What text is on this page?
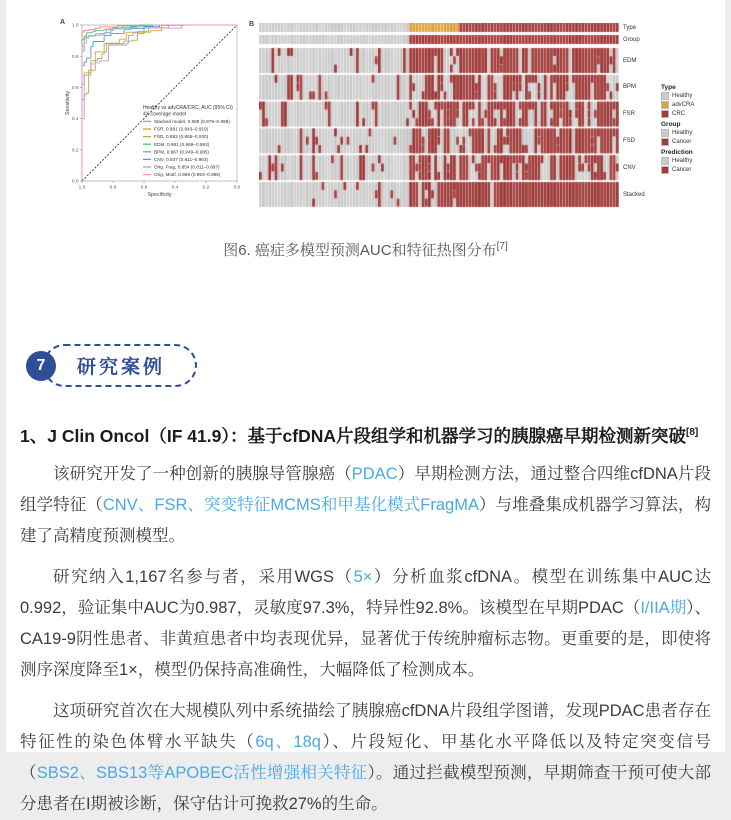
A
1.0	0.8	0.6	0.4	0.2	0.0
0.0
0.2
0.4
0.6
0.8
1.0
Specificity
Sensitivity	Healthy vs advCRA/CRC, AUC (95% CI)
4X coverage model
Stacked model, 0.988 (0.979–0.998)
FSR, 0.881 (0.843–0.919)
FSD, 0.882 (0.855–0.930)
EDM, 0.981 (0.969–0.993)
BPM, 0.967 (0.949–0.985)
CNV, 0.937 (0.911–0.963)
Orig. Frag, 0.854 (0.811–0.897)
Orig. Motif, 0.969 (0.953–0.985)
B	Type
Group
EDM
BPM
FSR
FSD
CNV
Stacked
Type
Healthy
advCRA
CRC
Group
Healthy
Cancer
Prediction
Healthy
Cancer
图6. 癌症多模型预测AUC和特征热图分布[7]
7	研究案例
1、J Clin Oncol（IF 41.9）：基于cfDNA片段组学和机器学习的胰腺癌早期检测新突破[8]

该研究开发了一种创新的胰腺导管腺癌（PDAC）早期检测方法，通过整合四维cfDNA片段组学特征（CNV、FSR、突变特征MCMS和甲基化模式FragMA）与堆叠集成机器学习算法，构建了高精度预测模型。

研究纳入1,167名参与者，采用WGS（5×）分析血浆cfDNA。模型在训练集中AUC达0.992，验证集中AUC为0.987，灵敏度97.3%，特异性92.8%。该模型在早期PDAC（I/IIA期）、CA19-9阴性患者、非黄疸患者中均表现优异，显著优于传统肿瘤标志物。更重要的是，即使将测序深度降至1×，模型仍保持高准确性，大幅降低了检测成本。

这项研究首次在大规模队列中系统描绘了胰腺癌cfDNA片段组学图谱，发现PDAC患者存在特征性的染色体臂水平缺失（6q、18q）、片段短化、甲基化水平降低以及特定突变信号（SBS2、SBS13等APOBEC活性增强相关特征）。通过拦截模型预测，早期筛查干预可使大部分患者在I期被诊断，保守估计可挽救27%的生命。
